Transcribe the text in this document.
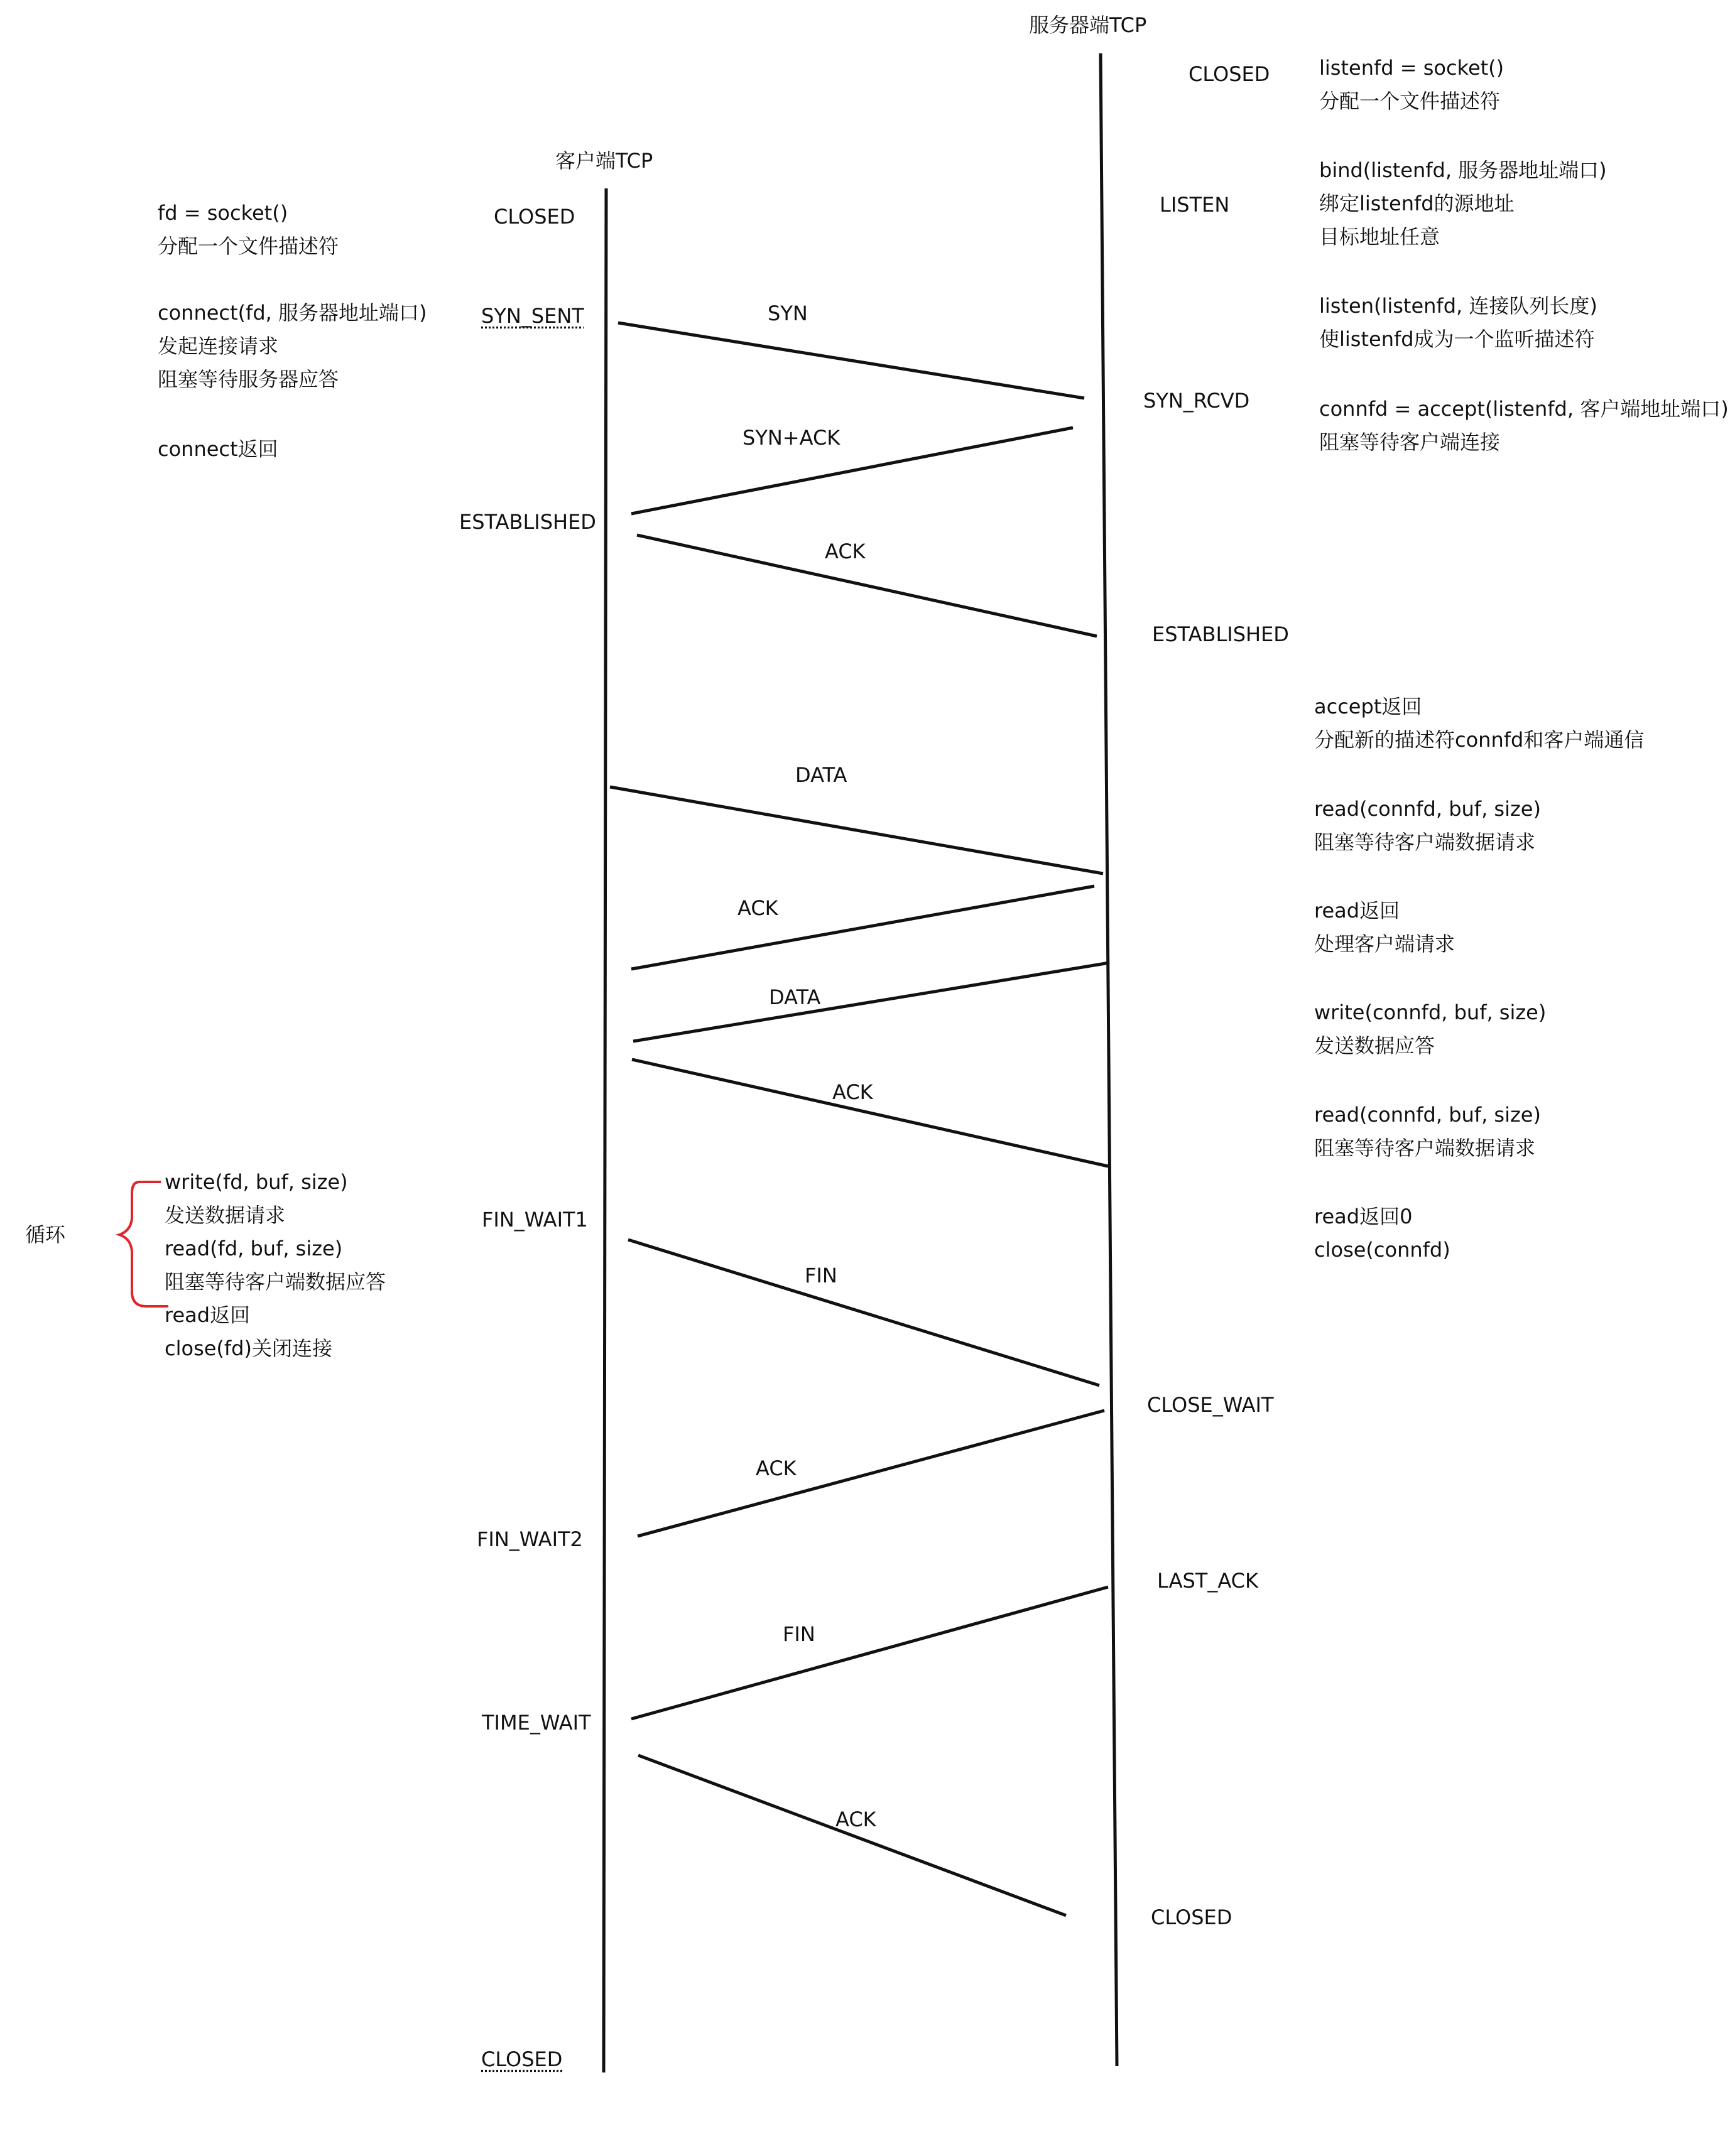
客户端TCP
服务器端TCP
CLOSED
SYN_SENT
ESTABLISHED
FIN_WAIT1
FIN_WAIT2
TIME_WAIT
CLOSED
CLOSED
LISTEN
SYN_RCVD
ESTABLISHED
CLOSE_WAIT
LAST_ACK
CLOSED
SYN
SYN+ACK
ACK
DATA
ACK
DATA
ACK
FIN
ACK
FIN
ACK
fd = socket()
分配一个文件描述符
connect(fd, 服务器地址端口)
发起连接请求
阻塞等待服务器应答
connect返回
write(fd, buf, size)
发送数据请求
read(fd, buf, size)
阻塞等待客户端数据应答
read返回
close(fd)关闭连接
循环
listenfd = socket()
分配一个文件描述符
bind(listenfd, 服务器地址端口)
绑定listenfd的源地址
目标地址任意
listen(listenfd, 连接队列长度)
使listenfd成为一个监听描述符
connfd = accept(listenfd, 客户端地址端口)
阻塞等待客户端连接
accept返回
分配新的描述符connfd和客户端通信
read(connfd, buf, size)
阻塞等待客户端数据请求
read返回
处理客户端请求
write(connfd, buf, size)
发送数据应答
read(connfd, buf, size)
阻塞等待客户端数据请求
read返回0
close(connfd)
